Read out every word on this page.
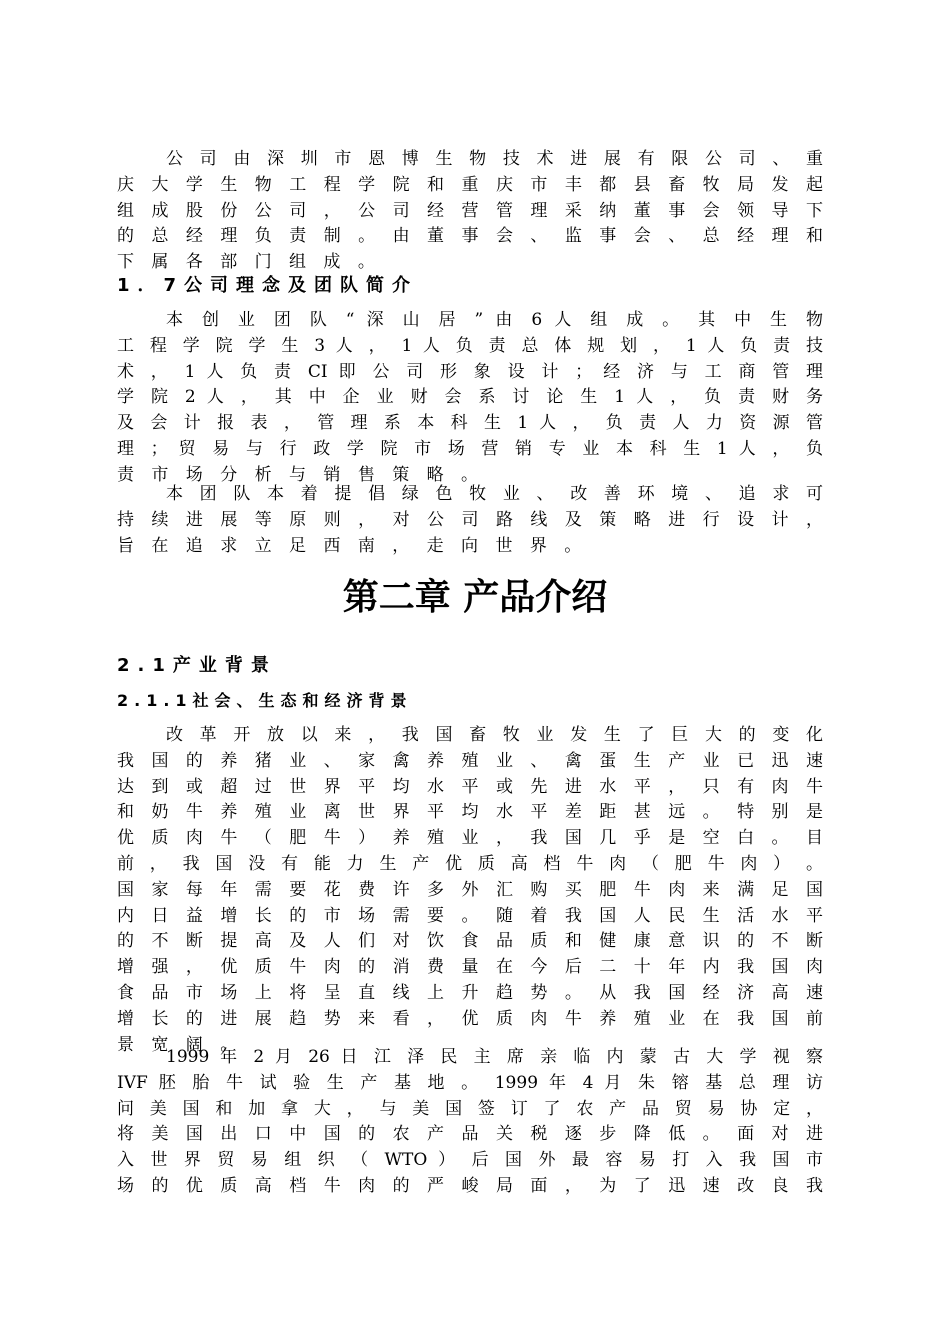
公 司 由 深 圳 市 恩 博 生 物 技 术 进 展 有 限 公 司 、 重
庆 大 学 生 物 工 程 学 院 和 重 庆 市 丰 都 县 畜 牧 局 发 起
组 成 股 份 公 司 ， 公 司 经 营 管 理 采 纳 董 事 会 领 导 下
的 总 经 理 负 责 制 。 由 董 事 会 、 监 事 会 、 总 经 理 和
下 属 各 部 门 组 成 。
1．7公司理念及团队简介
本 创 业 团 队 “ 深 山 居 ” 由 6 人 组 成 。 其 中 生 物
工 程 学 院 学 生 3 人 ， 1 人 负 责 总 体 规 划 ， 1 人 负 责 技
术 ， 1 人 负 责 CI 即 公 司 形 象 设 计 ； 经 济 与 工 商 管 理
学 院 2 人 ， 其 中 企 业 财 会 系 讨 论 生 1 人 ， 负 责 财 务
及 会 计 报 表 ， 管 理 系 本 科 生 1 人 ， 负 责 人 力 资 源 管
理 ； 贸 易 与 行 政 学 院 市 场 营 销 专 业 本 科 生 1 人 ， 负
责 市 场 分 析 与 销 售 策 略 。
本 团 队 本 着 提 倡 绿 色 牧 业 、 改 善 环 境 、 追 求 可
持 续 进 展 等 原 则 ， 对 公 司 路 线 及 策 略 进 行 设 计 ，
旨 在 追 求 立 足 西 南 ， 走 向 世 界 。
第二章 产品介绍
2.1产业背景
2.1.1社会、生态和经济背景
改 革 开 放 以 来 ， 我 国 畜 牧 业 发 生 了 巨 大 的 变 化
我 国 的 养 猪 业 、 家 禽 养 殖 业 、 禽 蛋 生 产 业 已 迅 速
达 到 或 超 过 世 界 平 均 水 平 或 先 进 水 平 ， 只 有 肉 牛
和 奶 牛 养 殖 业 离 世 界 平 均 水 平 差 距 甚 远 。 特 别 是
优 质 肉 牛 （ 肥 牛 ） 养 殖 业 ， 我 国 几 乎 是 空 白 。 目
前 ， 我 国 没 有 能 力 生 产 优 质 高 档 牛 肉 （ 肥 牛 肉 ） 。
国 家 每 年 需 要 花 费 许 多 外 汇 购 买 肥 牛 肉 来 满 足 国
内 日 益 增 长 的 市 场 需 要 。 随 着 我 国 人 民 生 活 水 平
的 不 断 提 高 及 人 们 对 饮 食 品 质 和 健 康 意 识 的 不 断
增 强 ， 优 质 牛 肉 的 消 费 量 在 今 后 二 十 年 内 我 国 肉
食 品 市 场 上 将 呈 直 线 上 升 趋 势 。 从 我 国 经 济 高 速
增 长 的 进 展 趋 势 来 看 ， 优 质 肉 牛 养 殖 业 在 我 国 前
景 宽 阔 。
1999 年 2 月 26 日 江 泽 民 主 席 亲 临 内 蒙 古 大 学 视 察
IVF 胚 胎 牛 试 验 生 产 基 地 。 1999 年 4 月 朱 镕 基 总 理 访
问 美 国 和 加 拿 大 ， 与 美 国 签 订 了 农 产 品 贸 易 协 定 ，
将 美 国 出 口 中 国 的 农 产 品 关 税 逐 步 降 低 。 面 对 进
入 世 界 贸 易 组 织 （ WTO ） 后 国 外 最 容 易 打 入 我 国 市
场 的 优 质 高 档 牛 肉 的 严 峻 局 面 ， 为 了 迅 速 改 良 我
